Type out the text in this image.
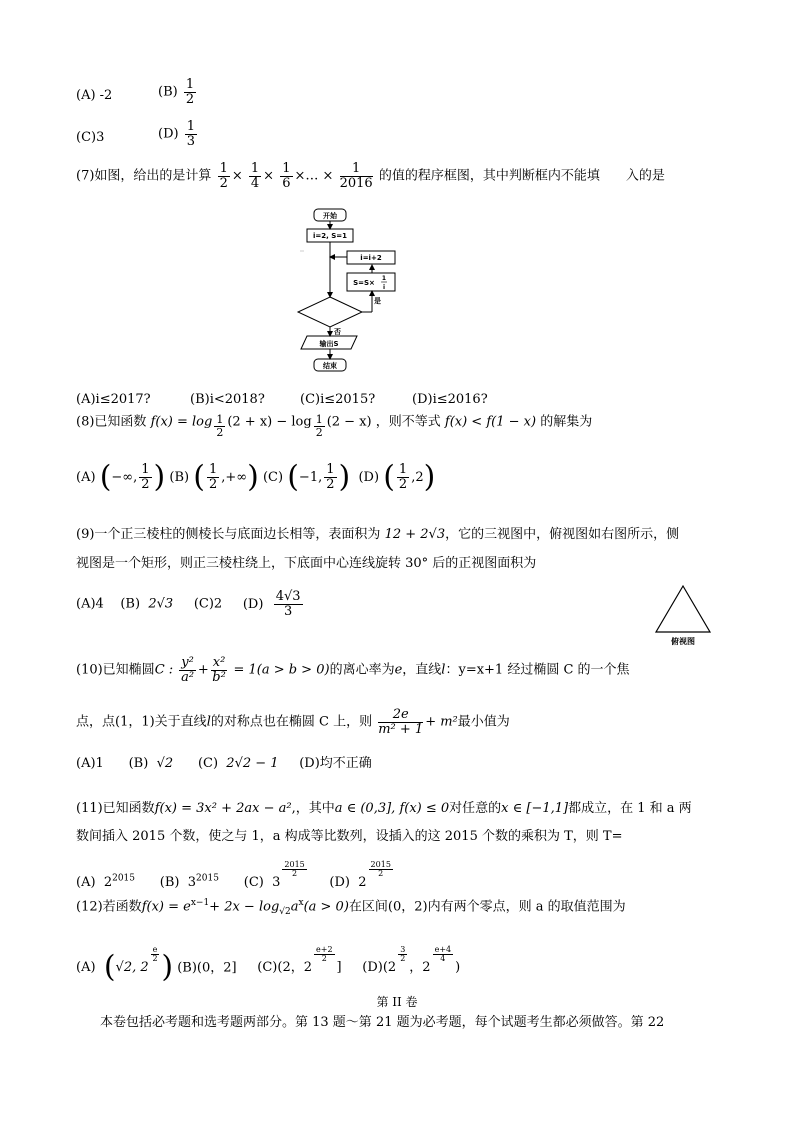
(A) -2	$(B) \frac{1}{2}$
(C)3	$(D) \frac{1}{3}$
(7)如图，给出的是计算 $\frac{1}{2} \times \frac{1}{4} \times \frac{1}{6}$ ×… × $\frac{1}{2016}$ 的值的程序框图，其中判断框内不能填　　入的是
开始
i=2, S=1
i=i+2
S=S×
1
i
是
否
输出S
结束
(A)i≤2017?	(B)i<2018?	(C)i≤2015?	(D)i≤2016?
(8)已知函数 $f(x) = \log \frac{1}{2} (2 + x) - \log \frac{1}{2} (2 - x)$ ，则不等式 f(x) < f(1 − x) 的解集为
(A) (−∞, $\frac{1}{2}$ ) (B) ( $\frac{1}{2}$ ,+∞) (C) (−1, $\frac{1}{2}$ ) (D) ( $\frac{1}{2} ,2$)
(9)一个正三棱柱的侧棱长与底面边长相等，表面积为 12 + 2√3，它的三视图中，俯视图如右图所示，侧
视图是一个矩形，则正三棱柱绕上，下底面中心连线旋转 30° 后的正视图面积为
(A)4 (B) 2√3 (C)2 $(D) \frac{4√3}{3}$
俯视图
(10)已知椭圆C : $\frac{\text{y²}}{\text{a²}} + \frac{\text{x²}}{\text{b²}} = 1(a > b > 0)$的离心率为e，直线l：y=x+1 经过椭圆 C 的一个焦
点，点(1，1)关于直线l的对称点也在椭圆 C 上，则 $\frac{2e}{\text{m² + 1}} + m^2$最小值为
(A)1 (B) √2 (C) 2√2 − 1 (D)均不正确
(11)已知函数f(x) = 3x² + 2ax − a²,，其中a ∈ (0,3], f(x) ≤ 0对任意的x ∈ [−1,1]都成立，在 1 和 a 两
数间插入 2015 个数，使之与 1，a 构成等比数列，设插入的这 2015 个数的乘积为 T，则 T=
(A) $2^{2015}$ (B) $3^{2015}$ (C) 3
$\frac{2015}{2}$
(D) 2
$\frac{2015}{2}$
(12)若函数$f(x) = e^{x-1}+ 2x - \log_{√2}a^x(a > 0)$在区间(0，2)内有两个零点，则 a 的取值范围为
(A) (√2, 2
$\frac{e}{2}$ ) (B)(0，2] (C)(2，2
$\frac{e+2}{2}$
] (D)(2
$\frac{3}{2}$
，2
$\frac{e+4}{4}$
)
第 II 卷
本卷包括必考题和选考题两部分。第 13 题～第 21 题为必考题，每个试题考生都必须做答。第 22
